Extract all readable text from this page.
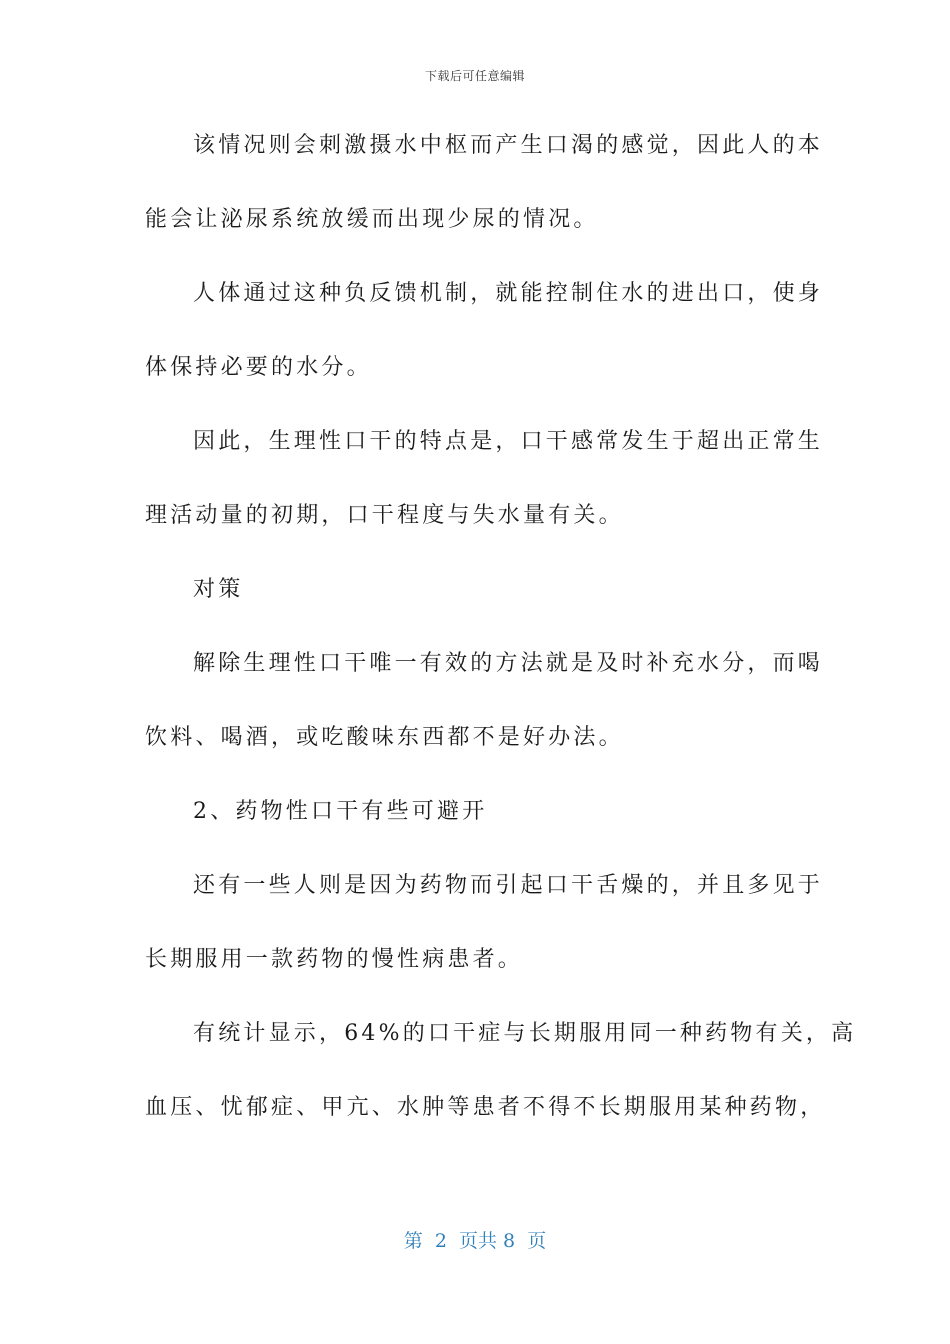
下载后可任意编辑
该情况则会刺激摄水中枢而产生口渴的感觉，因此人的本
能会让泌尿系统放缓而出现少尿的情况。
人体通过这种负反馈机制，就能控制住水的进出口，使身
体保持必要的水分。
因此，生理性口干的特点是，口干感常发生于超出正常生
理活动量的初期，口干程度与失水量有关。
对策
解除生理性口干唯一有效的方法就是及时补充水分，而喝
饮料、喝酒，或吃酸味东西都不是好办法。
2、药物性口干有些可避开
还有一些人则是因为药物而引起口干舌燥的，并且多见于
长期服用一款药物的慢性病患者。
有统计显示，64%的口干症与长期服用同一种药物有关，高
血压、忧郁症、甲亢、水肿等患者不得不长期服用某种药物，
第  2  页共 8  页
